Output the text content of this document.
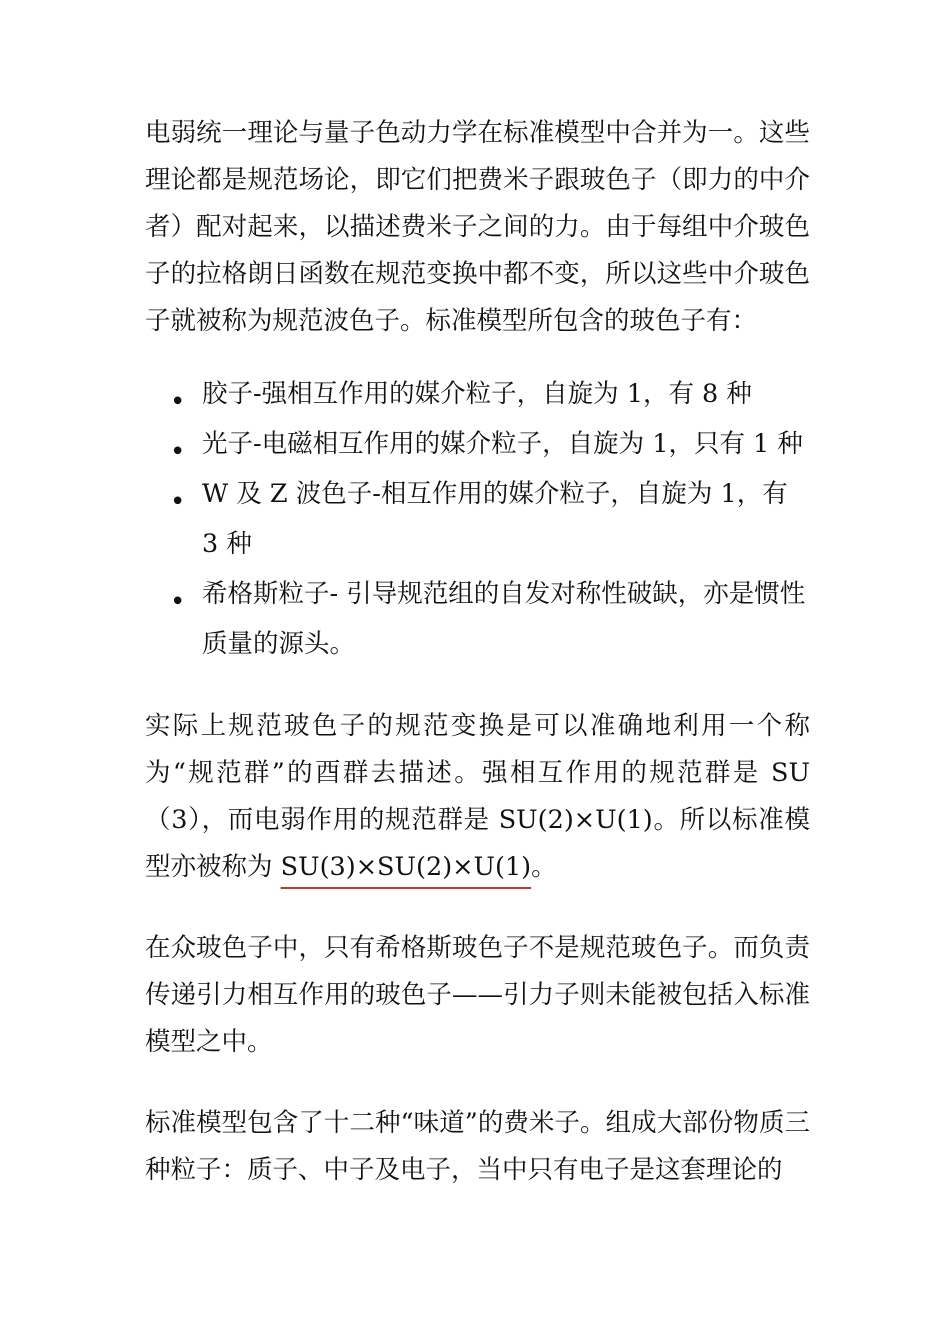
电弱统一理论与量子色动力学在标准模型中合并为一。这些理论都是规范场论，即它们把费米子跟玻色子（即力的中介者）配对起来，以描述费米子之间的力。由于每组中介玻色子的拉格朗日函数在规范变换中都不变，所以这些中介玻色子就被称为规范波色子。标准模型所包含的玻色子有：

• 胶子-强相互作用的媒介粒子，自旋为 1，有 8 种
• 光子-电磁相互作用的媒介粒子，自旋为 1，只有 1 种
• W 及 Z 波色子-相互作用的媒介粒子，自旋为 1，有 3 种
• 希格斯粒子- 引导规范组的自发对称性破缺，亦是惯性质量的源头。

实际上规范玻色子的规范变换是可以准确地利用一个称为“规范群”的酉群去描述。强相互作用的规范群是 SU（3），而电弱作用的规范群是 SU(2)×U(1)。所以标准模型亦被称为 SU(3)×SU(2)×U(1)。

在众玻色子中，只有希格斯玻色子不是规范玻色子。而负责传递引力相互作用的玻色子——引力子则未能被包括入标准模型之中。

标准模型包含了十二种“味道”的费米子。组成大部份物质三种粒子：质子、中子及电子，当中只有电子是这套理论的
